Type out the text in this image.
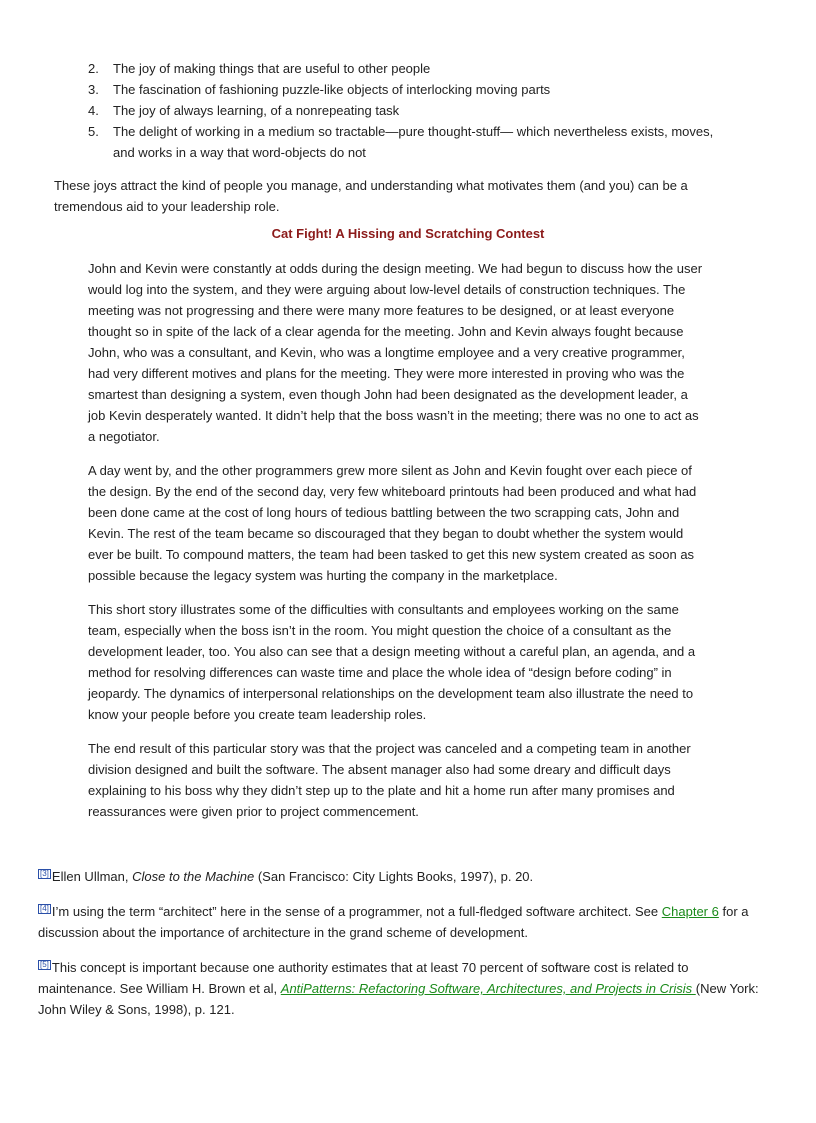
2.	The joy of making things that are useful to other people
3.	The fascination of fashioning puzzle-like objects of interlocking moving parts
4.	The joy of always learning, of a nonrepeating task
5.	The delight of working in a medium so tractable—pure thought-stuff— which nevertheless exists, moves, and works in a way that word-objects do not
These joys attract the kind of people you manage, and understanding what motivates them (and you) can be a tremendous aid to your leadership role.
Cat Fight! A Hissing and Scratching Contest

John and Kevin were constantly at odds during the design meeting. We had begun to discuss how the user would log into the system, and they were arguing about low-level details of construction techniques. The meeting was not progressing and there were many more features to be designed, or at least everyone thought so in spite of the lack of a clear agenda for the meeting. John and Kevin always fought because John, who was a consultant, and Kevin, who was a longtime employee and a very creative programmer, had very different motives and plans for the meeting. They were more interested in proving who was the smartest than designing a system, even though John had been designated as the development leader, a job Kevin desperately wanted. It didn’t help that the boss wasn’t in the meeting; there was no one to act as a negotiator.

A day went by, and the other programmers grew more silent as John and Kevin fought over each piece of the design. By the end of the second day, very few whiteboard printouts had been produced and what had been done came at the cost of long hours of tedious battling between the two scrapping cats, John and Kevin. The rest of the team became so discouraged that they began to doubt whether the system would ever be built. To compound matters, the team had been tasked to get this new system created as soon as possible because the legacy system was hurting the company in the marketplace.

This short story illustrates some of the difficulties with consultants and employees working on the same team, especially when the boss isn’t in the room. You might question the choice of a consultant as the development leader, too. You also can see that a design meeting without a careful plan, an agenda, and a method for resolving differences can waste time and place the whole idea of “design before coding” in jeopardy. The dynamics of interpersonal relationships on the development team also illustrate the need to know your people before you create team leadership roles.

The end result of this particular story was that the project was canceled and a competing team in another division designed and built the software. The absent manager also had some dreary and difficult days explaining to his boss why they didn’t step up to the plate and hit a home run after many promises and reassurances were given prior to project commencement.

[3] Ellen Ullman, Close to the Machine (San Francisco: City Lights Books, 1997), p. 20.

[4] I’m using the term “architect” here in the sense of a programmer, not a full-fledged software architect. See Chapter 6 for a discussion about the importance of architecture in the grand scheme of development.

[5] This concept is important because one authority estimates that at least 70 percent of software cost is related to maintenance. See William H. Brown et al, AntiPatterns: Refactoring Software, Architectures, and Projects in Crisis (New York: John Wiley & Sons, 1998), p. 121.
